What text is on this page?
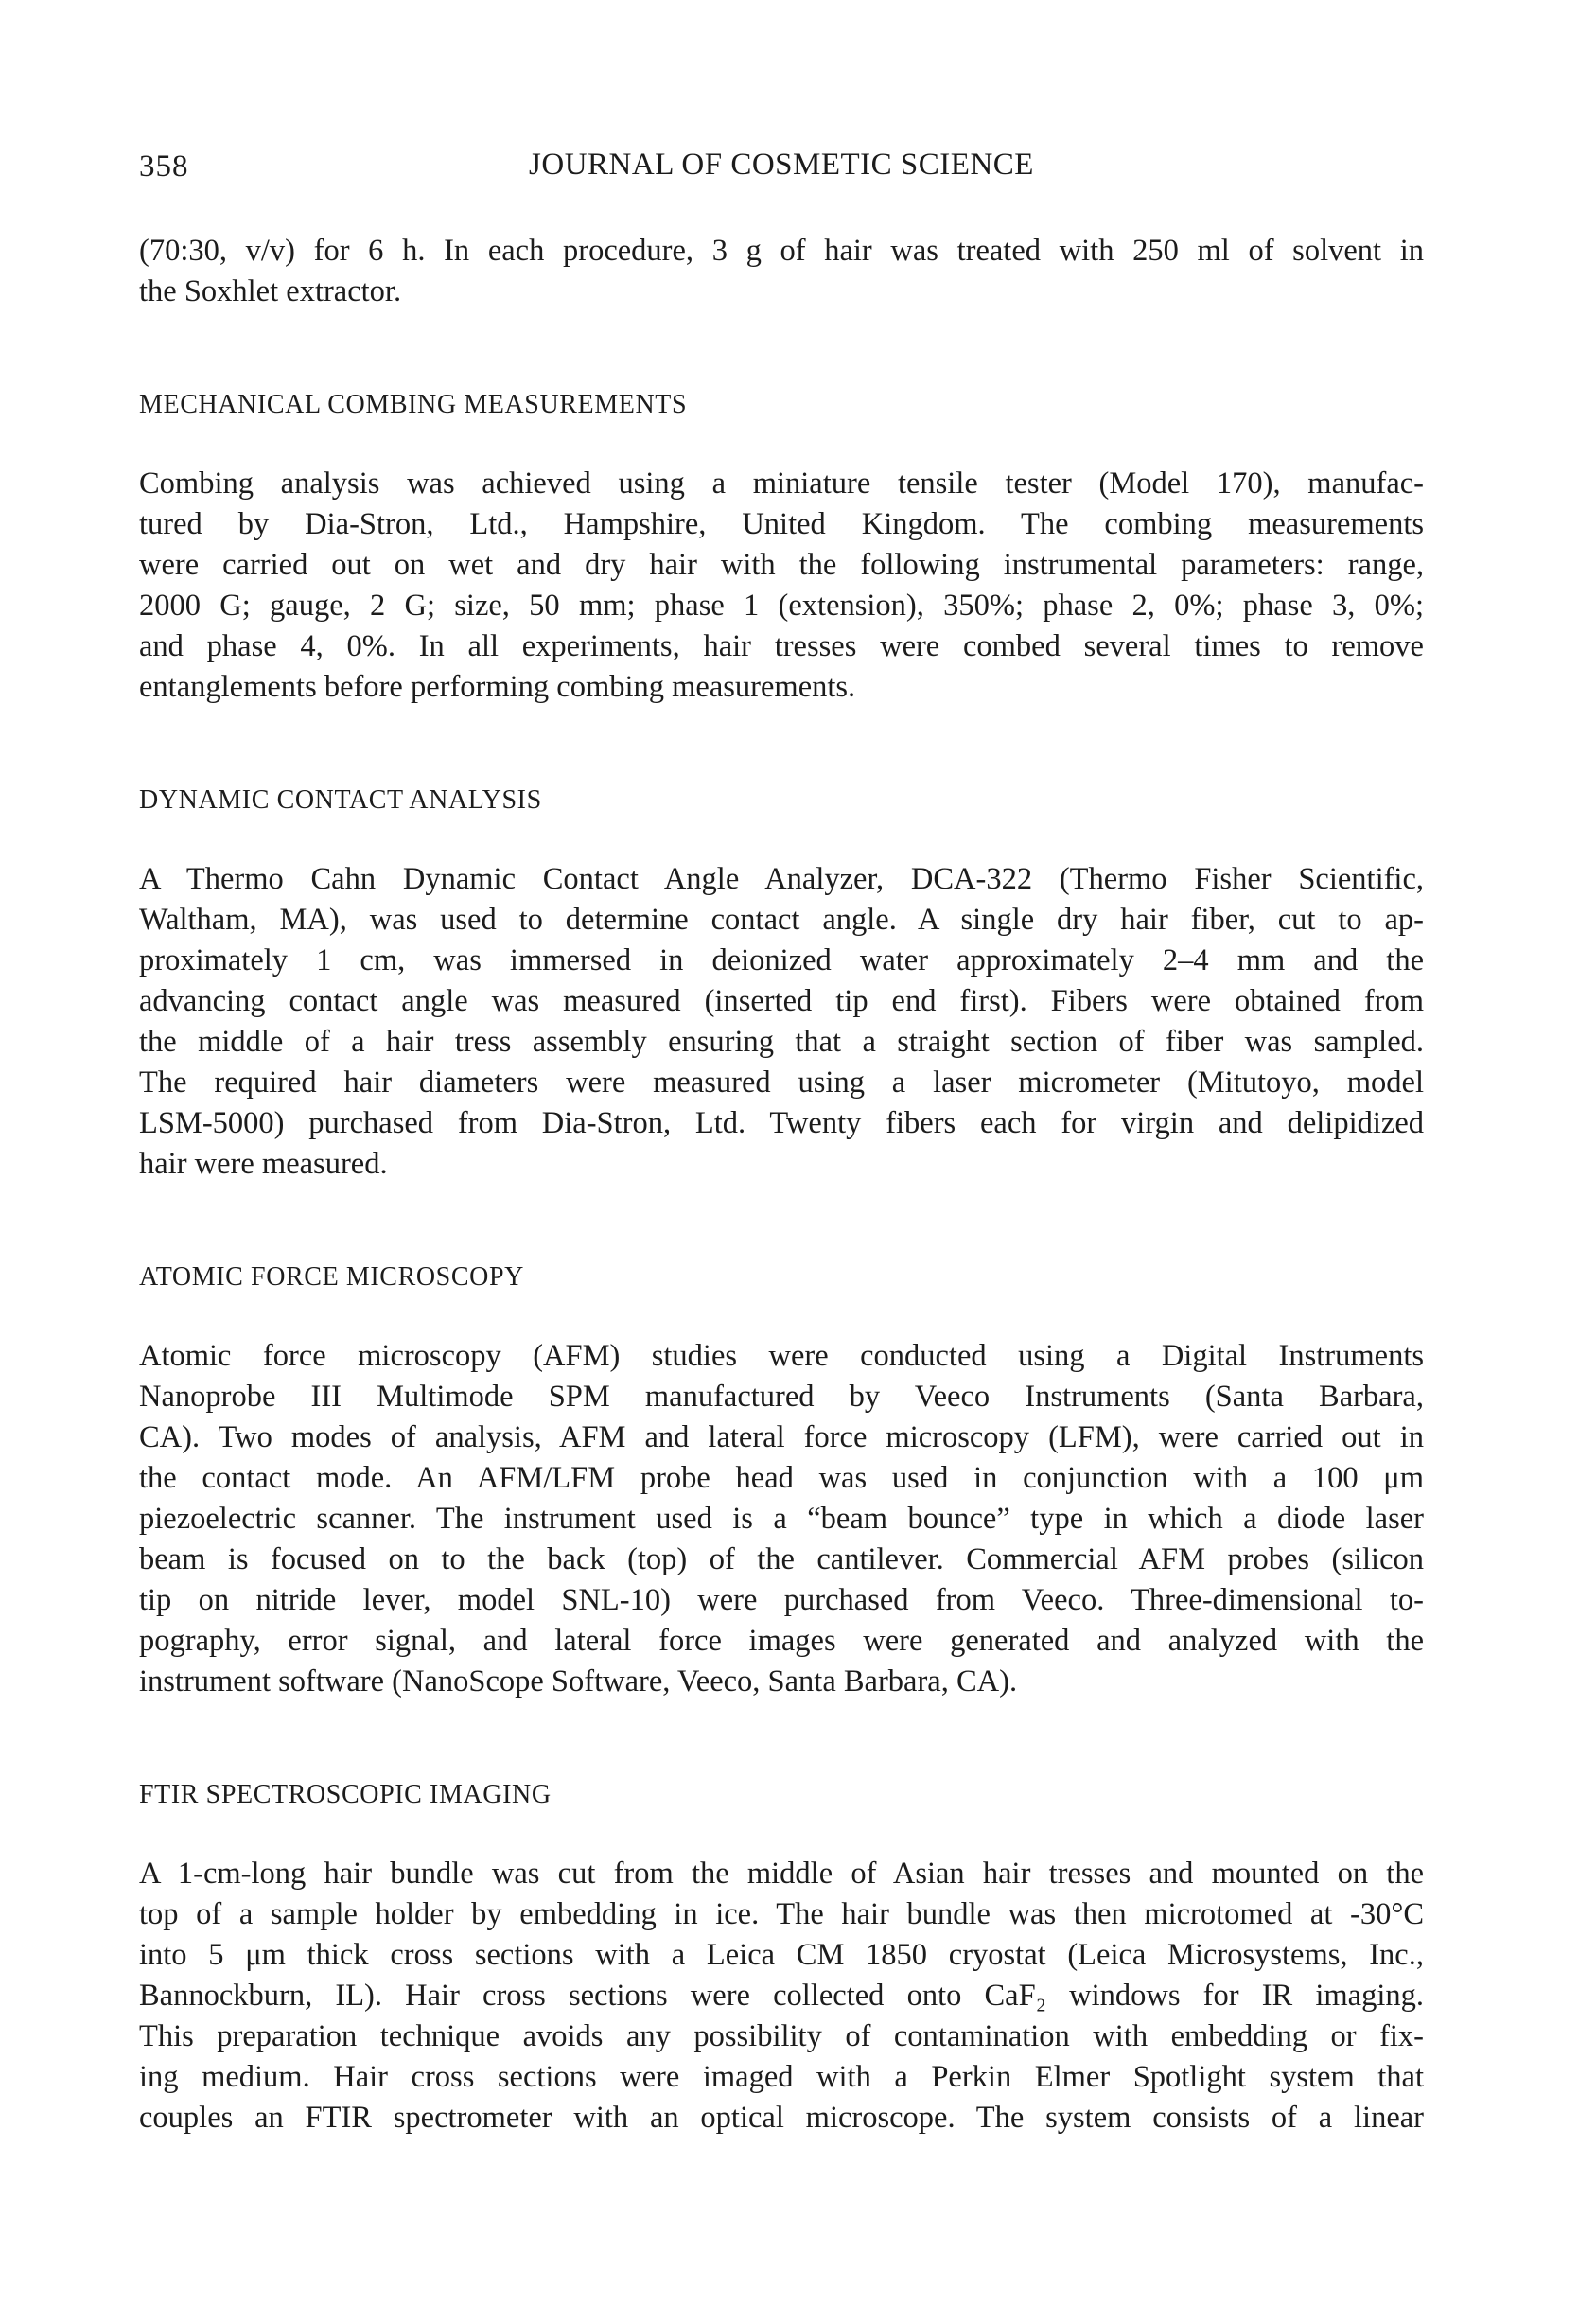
358	JOURNAL OF COSMETIC SCIENCE
(70:30, v/v) for 6 h. In each procedure, 3 g of hair was treated with 250 ml of solvent in
the Soxhlet extractor.
MECHANICAL COMBING MEASUREMENTS
Combing analysis was achieved using a miniature tensile tester (Model 170), manufac-
tured by Dia-Stron, Ltd., Hampshire, United Kingdom. The combing measurements
were carried out on wet and dry hair with the following instrumental parameters: range,
2000 G; gauge, 2 G; size, 50 mm; phase 1 (extension), 350%; phase 2, 0%; phase 3, 0%;
and phase 4, 0%. In all experiments, hair tresses were combed several times to remove
entanglements before performing combing measurements.
DYNAMIC CONTACT ANALYSIS
A Thermo Cahn Dynamic Contact Angle Analyzer, DCA-322 (Thermo Fisher Scientific,
Waltham, MA), was used to determine contact angle. A single dry hair fiber, cut to ap-
proximately 1 cm, was immersed in deionized water approximately 2–4 mm and the
advancing contact angle was measured (inserted tip end first). Fibers were obtained from
the middle of a hair tress assembly ensuring that a straight section of fiber was sampled.
The required hair diameters were measured using a laser micrometer (Mitutoyo, model
LSM-5000) purchased from Dia-Stron, Ltd. Twenty fibers each for virgin and delipidized
hair were measured.
ATOMIC FORCE MICROSCOPY
Atomic force microscopy (AFM) studies were conducted using a Digital Instruments
Nanoprobe III Multimode SPM manufactured by Veeco Instruments (Santa Barbara,
CA). Two modes of analysis, AFM and lateral force microscopy (LFM), were carried out in
the contact mode. An AFM/LFM probe head was used in conjunction with a 100 μm
piezoelectric scanner. The instrument used is a “beam bounce” type in which a diode laser
beam is focused on to the back (top) of the cantilever. Commercial AFM probes (silicon
tip on nitride lever, model SNL-10) were purchased from Veeco. Three-dimensional to-
pography, error signal, and lateral force images were generated and analyzed with the
instrument software (NanoScope Software, Veeco, Santa Barbara, CA).
FTIR SPECTROSCOPIC IMAGING
A 1-cm-long hair bundle was cut from the middle of Asian hair tresses and mounted on the
top of a sample holder by embedding in ice. The hair bundle was then microtomed at -30°C
into 5 μm thick cross sections with a Leica CM 1850 cryostat (Leica Microsystems, Inc.,
Bannockburn, IL). Hair cross sections were collected onto CaF₂ windows for IR imaging.
This preparation technique avoids any possibility of contamination with embedding or fix-
ing medium. Hair cross sections were imaged with a Perkin Elmer Spotlight system that
couples an FTIR spectrometer with an optical microscope. The system consists of a linear
